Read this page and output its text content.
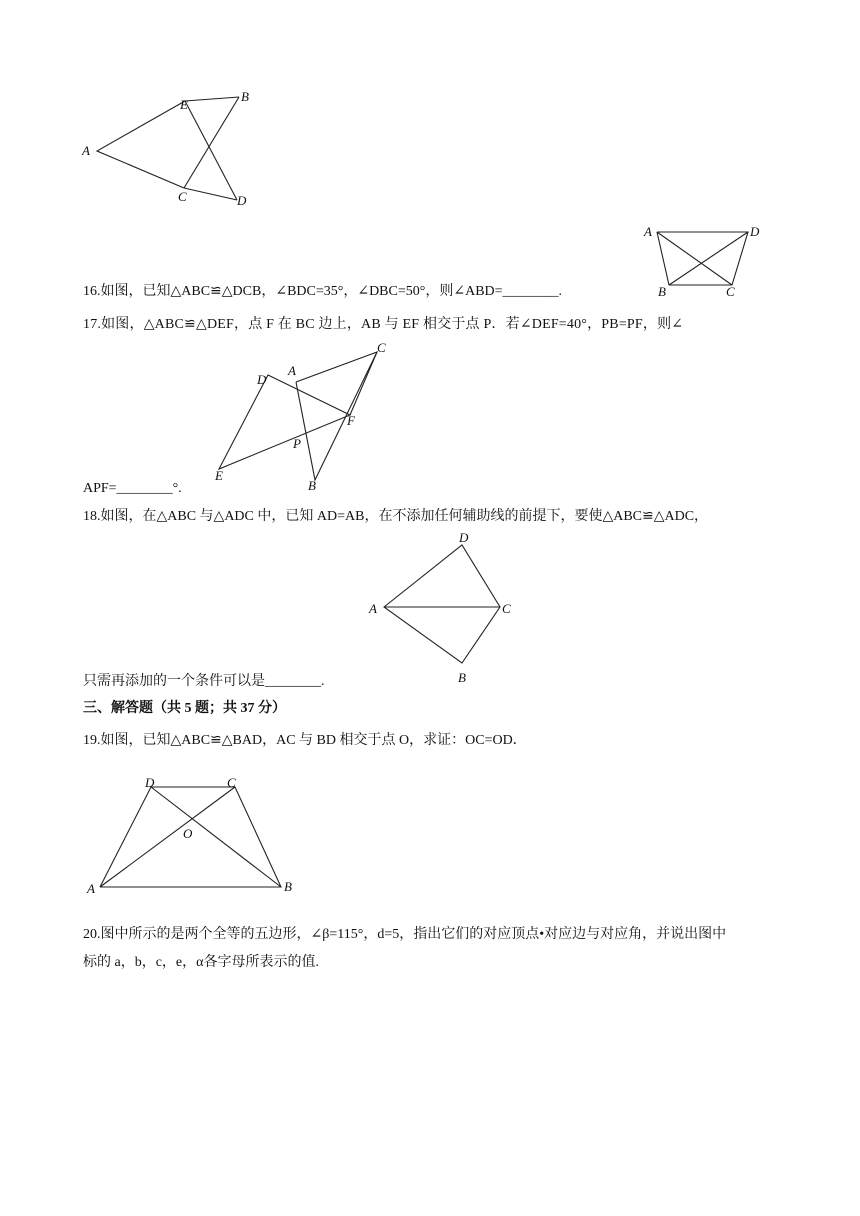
A
E
B
C	D
A	D
B	C
16.如图，已知△ABC≌△DCB，∠BDC=35°，∠DBC=50°，则∠ABD=________.
17.如图，△ABC≌△DEF，点 F 在 BC 边上，AB 与 EF 相交于点 P．若∠DEF=40°，PB=PF，则∠
C
A
D
F
P
E
B
APF=________°.
18.如图，在△ABC 与△ADC 中，已知 AD=AB，在不添加任何辅助线的前提下，要使△ABC≌△ADC，
D
A	C
B
只需再添加的一个条件可以是________.
三、解答题（共 5 题；共 37 分）
19.如图，已知△ABC≌△BAD，AC 与 BD 相交于点 O，求证：OC=OD．
D	C
O
A	B
20.图中所示的是两个全等的五边形，∠β=115°，d=5，指出它们的对应顶点•对应边与对应角，并说出图中
标的 a，b，c，e，α各字母所表示的值.
